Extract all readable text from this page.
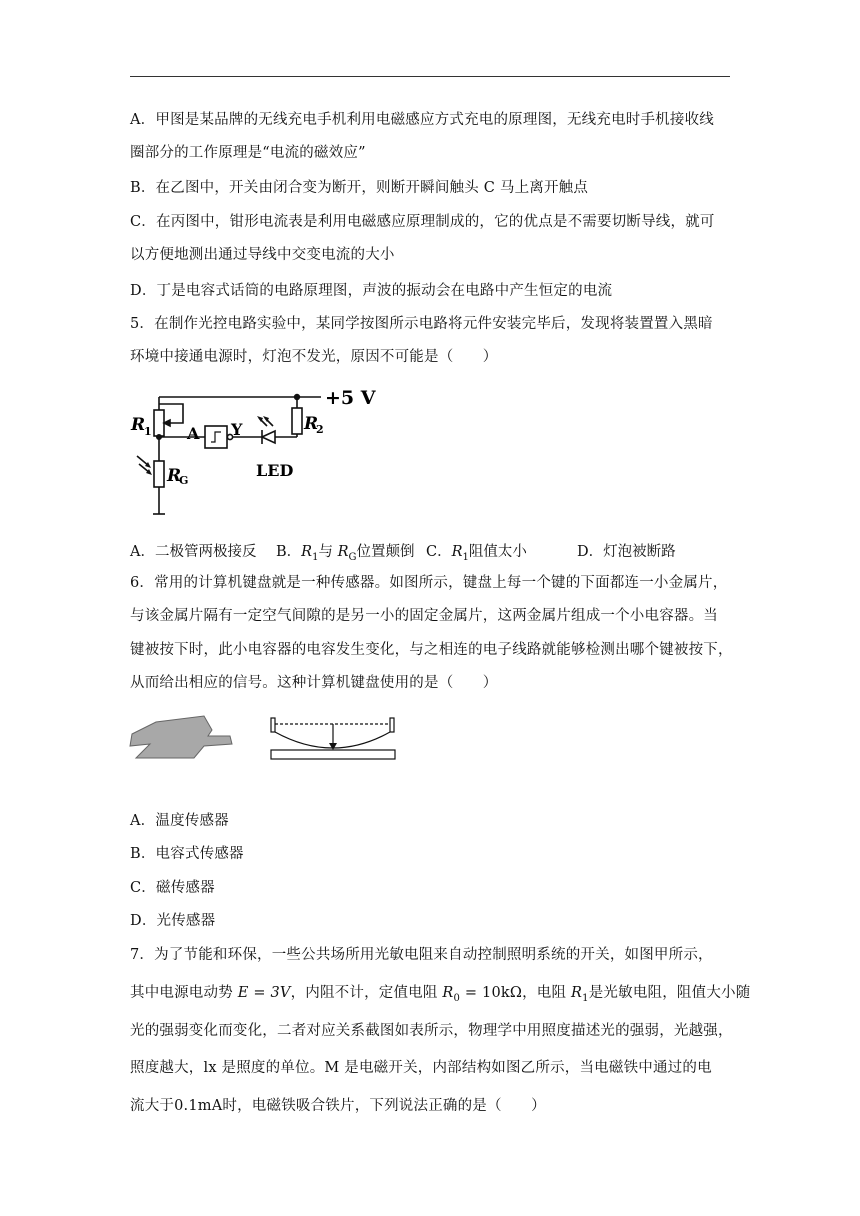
A．甲图是某品牌的无线充电手机利用电磁感应方式充电的原理图，无线充电时手机接收线
圈部分的工作原理是“电流的磁效应”
B．在乙图中，开关由闭合变为断开，则断开瞬间触头 C 马上离开触点
C．在丙图中，钳形电流表是利用电磁感应原理制成的，它的优点是不需要切断导线，就可
以方便地测出通过导线中交变电流的大小
D．丁是电容式话筒的电路原理图，声波的振动会在电路中产生恒定的电流
5．在制作光控电路实验中，某同学按图所示电路将元件安装完毕后，发现将装置置入黑暗
环境中接通电源时，灯泡不发光，原因不可能是（　　）
+5 V
R
1 A Y	R
2
LED
R
G
A．二极管两极接反 B．$R_1$与 $R_G$位置颠倒 C．$R_1$阻值太小	D．灯泡被断路
6．常用的计算机键盘就是一种传感器。如图所示，键盘上每一个键的下面都连一小金属片，
与该金属片隔有一定空气间隙的是另一小的固定金属片，这两金属片组成一个小电容器。当
键被按下时，此小电容器的电容发生变化，与之相连的电子线路就能够检测出哪个键被按下，
从而给出相应的信号。这种计算机键盘使用的是（　　）
A．温度传感器
B．电容式传感器
C．磁传感器
D．光传感器
7．为了节能和环保，一些公共场所用光敏电阻来自动控制照明系统的开关，如图甲所示，
其中电源电动势 E = 3V，内阻不计，定值电阻 $R_0 = 10k\Omega$，电阻 $R_1$是光敏电阻，阻值大小随
光的强弱变化而变化，二者对应关系截图如表所示，物理学中用照度描述光的强弱，光越强，
照度越大，lx 是照度的单位。M 是电磁开关，内部结构如图乙所示，当电磁铁中通过的电
流大于0.1mA时，电磁铁吸合铁片，下列说法正确的是（　　）
